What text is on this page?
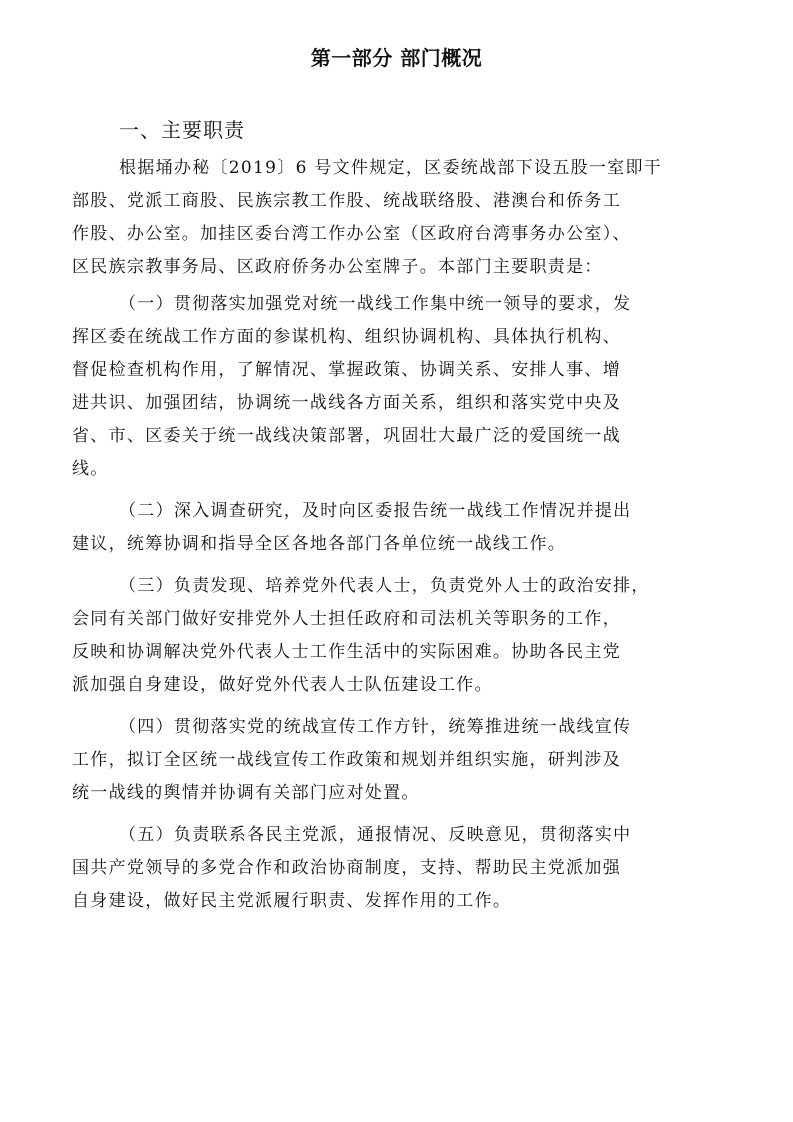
第一部分 部门概况
一、主要职责
根据埇办秘〔2019〕6 号文件规定，区委统战部下设五股一室即干
部股、党派工商股、民族宗教工作股、统战联络股、港澳台和侨务工
作股、办公室。加挂区委台湾工作办公室（区政府台湾事务办公室）、
区民族宗教事务局、区政府侨务办公室牌子。本部门主要职责是：
（一）贯彻落实加强党对统一战线工作集中统一领导的要求，发
挥区委在统战工作方面的参谋机构、组织协调机构、具体执行机构、
督促检查机构作用，了解情况、掌握政策、协调关系、安排人事、增
进共识、加强团结，协调统一战线各方面关系，组织和落实党中央及
省、市、区委关于统一战线决策部署，巩固壮大最广泛的爱国统一战
线。
（二）深入调查研究，及时向区委报告统一战线工作情况并提出
建议，统筹协调和指导全区各地各部门各单位统一战线工作。
（三）负责发现、培养党外代表人士，负责党外人士的政治安排，
会同有关部门做好安排党外人士担任政府和司法机关等职务的工作，
反映和协调解决党外代表人士工作生活中的实际困难。协助各民主党
派加强自身建设，做好党外代表人士队伍建设工作。
（四）贯彻落实党的统战宣传工作方针，统筹推进统一战线宣传
工作，拟订全区统一战线宣传工作政策和规划并组织实施，研判涉及
统一战线的舆情并协调有关部门应对处置。
（五）负责联系各民主党派，通报情况、反映意见，贯彻落实中
国共产党领导的多党合作和政治协商制度，支持、帮助民主党派加强
自身建设，做好民主党派履行职责、发挥作用的工作。
